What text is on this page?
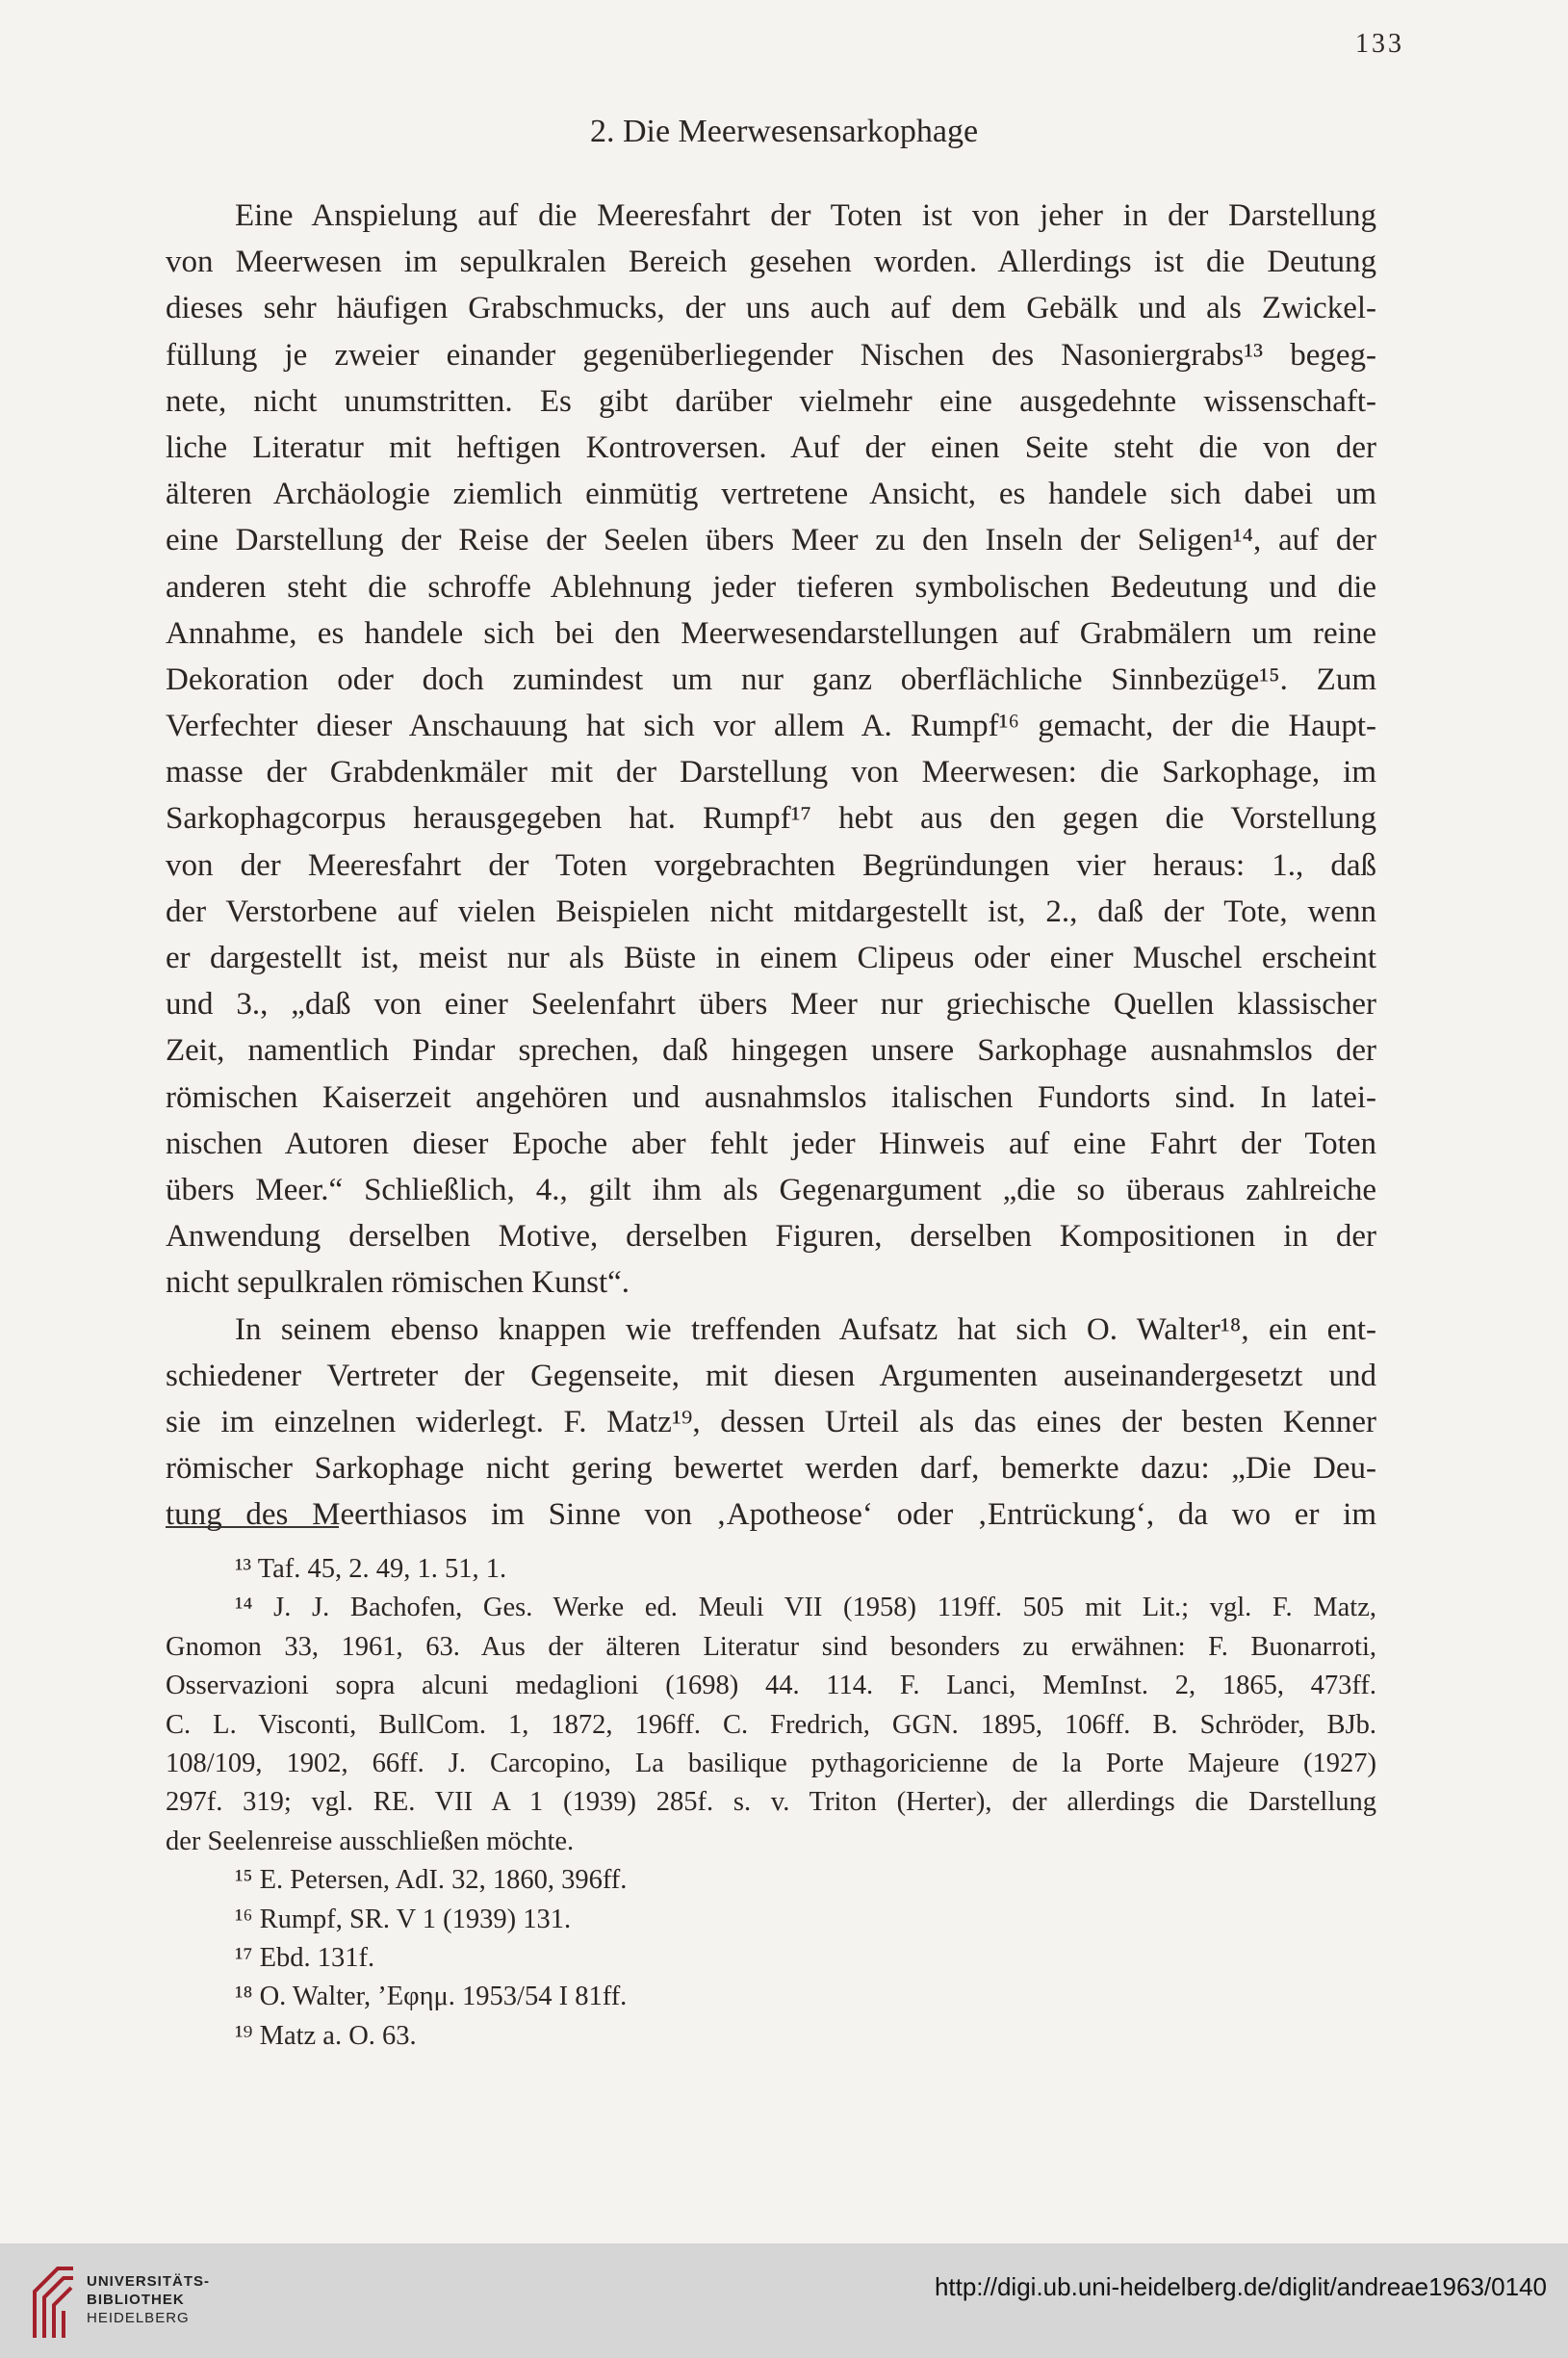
133
2. Die Meerwesensarkophage
Eine Anspielung auf die Meeresfahrt der Toten ist von jeher in der Darstellung
von Meerwesen im sepulkralen Bereich gesehen worden. Allerdings ist die Deutung
dieses sehr häufigen Grabschmucks, der uns auch auf dem Gebälk und als Zwickel-
füllung je zweier einander gegenüberliegender Nischen des Nasoniergrabs¹³ begeg-
nete, nicht unumstritten. Es gibt darüber vielmehr eine ausgedehnte wissenschaft-
liche Literatur mit heftigen Kontroversen. Auf der einen Seite steht die von der
älteren Archäologie ziemlich einmütig vertretene Ansicht, es handele sich dabei um
eine Darstellung der Reise der Seelen übers Meer zu den Inseln der Seligen¹⁴, auf der
anderen steht die schroffe Ablehnung jeder tieferen symbolischen Bedeutung und die
Annahme, es handele sich bei den Meerwesendarstellungen auf Grabmälern um reine
Dekoration oder doch zumindest um nur ganz oberflächliche Sinnbezüge¹⁵. Zum
Verfechter dieser Anschauung hat sich vor allem A. Rumpf¹⁶ gemacht, der die Haupt-
masse der Grabdenkmäler mit der Darstellung von Meerwesen: die Sarkophage, im
Sarkophagcorpus herausgegeben hat. Rumpf¹⁷ hebt aus den gegen die Vorstellung
von der Meeresfahrt der Toten vorgebrachten Begründungen vier heraus: 1., daß
der Verstorbene auf vielen Beispielen nicht mitdargestellt ist, 2., daß der Tote, wenn
er dargestellt ist, meist nur als Büste in einem Clipeus oder einer Muschel erscheint
und 3., „daß von einer Seelenfahrt übers Meer nur griechische Quellen klassischer
Zeit, namentlich Pindar sprechen, daß hingegen unsere Sarkophage ausnahmslos der
römischen Kaiserzeit angehören und ausnahmslos italischen Fundorts sind. In latei-
nischen Autoren dieser Epoche aber fehlt jeder Hinweis auf eine Fahrt der Toten
übers Meer.“ Schließlich, 4., gilt ihm als Gegenargument „die so überaus zahlreiche
Anwendung derselben Motive, derselben Figuren, derselben Kompositionen in der
nicht sepulkralen römischen Kunst“.
In seinem ebenso knappen wie treffenden Aufsatz hat sich O. Walter¹⁸, ein ent-
schiedener Vertreter der Gegenseite, mit diesen Argumenten auseinandergesetzt und
sie im einzelnen widerlegt. F. Matz¹⁹, dessen Urteil als das eines der besten Kenner
römischer Sarkophage nicht gering bewertet werden darf, bemerkte dazu: „Die Deu-
tung des Meerthiasos im Sinne von ‚Apotheose‘ oder ‚Entrückung‘, da wo er im
¹³ Taf. 45, 2. 49, 1. 51, 1.
¹⁴ J. J. Bachofen, Ges. Werke ed. Meuli VII (1958) 119ff. 505 mit Lit.; vgl. F. Matz,
Gnomon 33, 1961, 63. Aus der älteren Literatur sind besonders zu erwähnen: F. Buonarroti,
Osservazioni sopra alcuni medaglioni (1698) 44. 114. F. Lanci, MemInst. 2, 1865, 473ff.
C. L. Visconti, BullCom. 1, 1872, 196ff. C. Fredrich, GGN. 1895, 106ff. B. Schröder, BJb.
108/109, 1902, 66ff. J. Carcopino, La basilique pythagoricienne de la Porte Majeure (1927)
297f. 319; vgl. RE. VII A 1 (1939) 285f. s. v. Triton (Herter), der allerdings die Darstellung
der Seelenreise ausschließen möchte.
¹⁵ E. Petersen, AdI. 32, 1860, 396ff.
¹⁶ Rumpf, SR. V 1 (1939) 131.
¹⁷ Ebd. 131f.
¹⁸ O. Walter, ’Εφημ. 1953/54 I 81ff.
¹⁹ Matz a. O. 63.
UNIVERSITÄTS-
BIBLIOTHEK
HEIDELBERG
http://digi.ub.uni-heidelberg.de/diglit/andreae1963/0140
